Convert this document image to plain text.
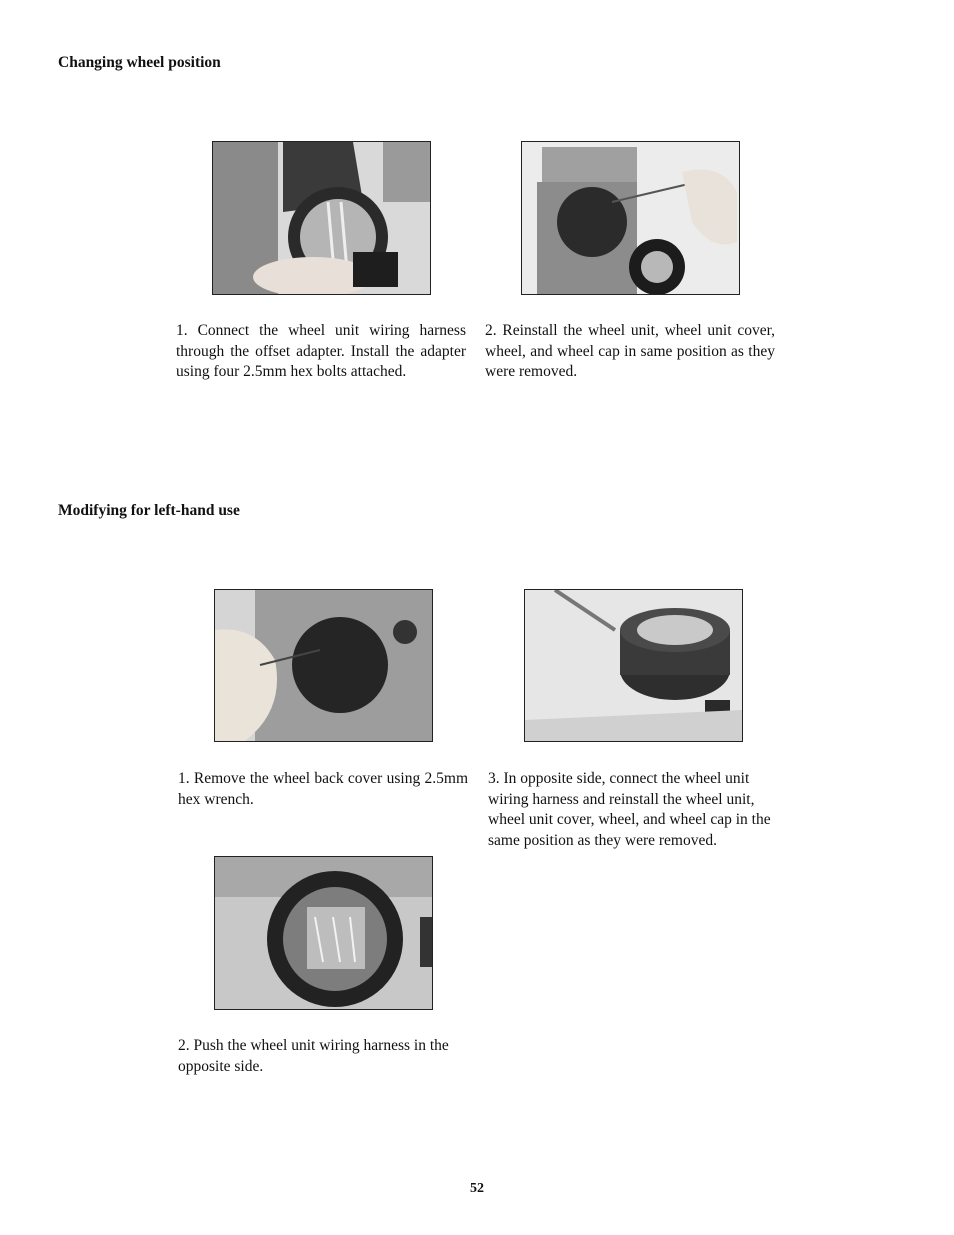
Changing wheel position
1. Connect the wheel unit wiring harness through the offset adapter. Install the adapter using four 2.5mm hex bolts attached.
2. Reinstall the wheel unit, wheel unit cover, wheel, and wheel cap in same position as they were removed.
Modifying for left-hand use
1. Remove the wheel back cover using 2.5mm hex wrench.
3. In opposite side, connect the wheel unit wiring harness and reinstall the wheel unit, wheel unit cover, wheel, and wheel cap in the same position as they were removed.
2. Push the wheel unit wiring harness in the opposite side.
52
